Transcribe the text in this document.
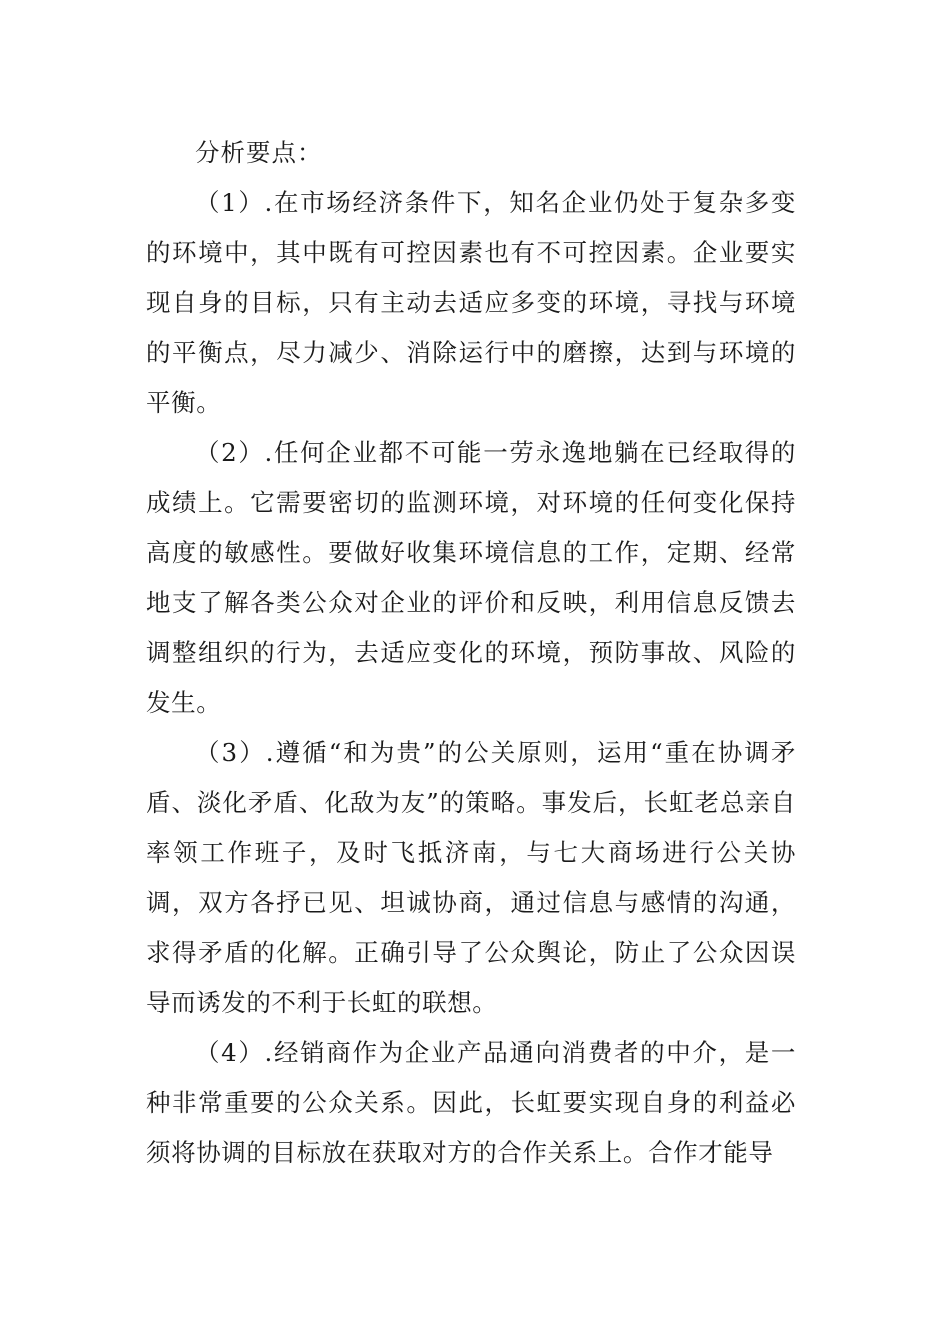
分析要点：

（1）.在市场经济条件下，知名企业仍处于复杂多变的环境中，其中既有可控因素也有不可控因素。企业要实现自身的目标，只有主动去适应多变的环境，寻找与环境的平衡点，尽力减少、消除运行中的磨擦，达到与环境的平衡。

（2）.任何企业都不可能一劳永逸地躺在已经取得的成绩上。它需要密切的监测环境，对环境的任何变化保持高度的敏感性。要做好收集环境信息的工作，定期、经常地支了解各类公众对企业的评价和反映，利用信息反馈去调整组织的行为，去适应变化的环境，预防事故、风险的发生。

（3）.遵循“和为贵”的公关原则，运用“重在协调矛盾、淡化矛盾、化敌为友”的策略。事发后，长虹老总亲自率领工作班子，及时飞抵济南，与七大商场进行公关协调，双方各抒已见、坦诚协商，通过信息与感情的沟通，求得矛盾的化解。正确引导了公众舆论，防止了公众因误导而诱发的不利于长虹的联想。

（4）.经销商作为企业产品通向消费者的中介，是一种非常重要的公众关系。因此，长虹要实现自身的利益必须将协调的目标放在获取对方的合作关系上。合作才能导
